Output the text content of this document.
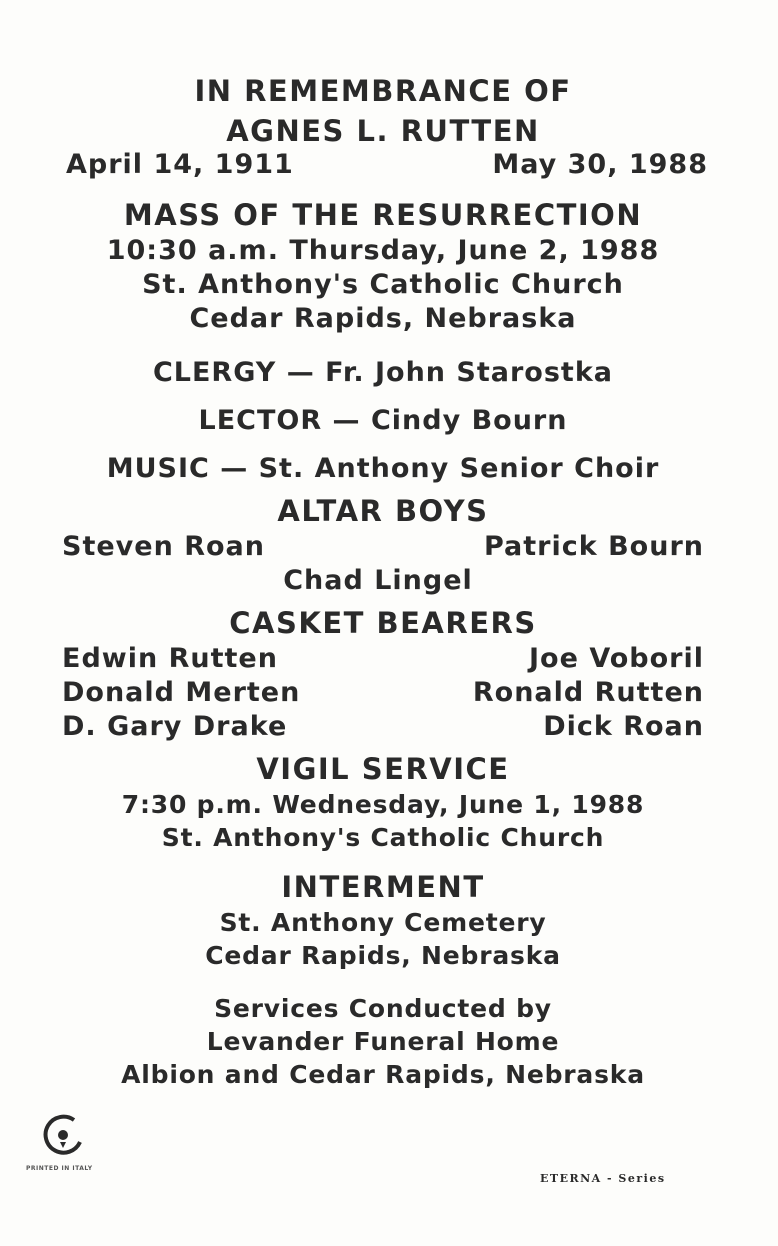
IN REMEMBRANCE OF
AGNES L. RUTTEN
April 14, 1911	May 30, 1988
MASS OF THE RESURRECTION
10:30 a.m. Thursday, June 2, 1988
St. Anthony's Catholic Church
Cedar Rapids, Nebraska
CLERGY — Fr. John Starostka
LECTOR — Cindy Bourn
MUSIC — St. Anthony Senior Choir
ALTAR BOYS
Steven Roan	Patrick Bourn
Chad Lingel
CASKET BEARERS
Edwin Rutten	Joe Voboril
Donald Merten	Ronald Rutten
D. Gary Drake	Dick Roan
VIGIL SERVICE
7:30 p.m. Wednesday, June 1, 1988
St. Anthony's Catholic Church
INTERMENT
St. Anthony Cemetery
Cedar Rapids, Nebraska
Services Conducted by
Levander Funeral Home
Albion and Cedar Rapids, Nebraska
PRINTED IN ITALY
ETERNA - Series
